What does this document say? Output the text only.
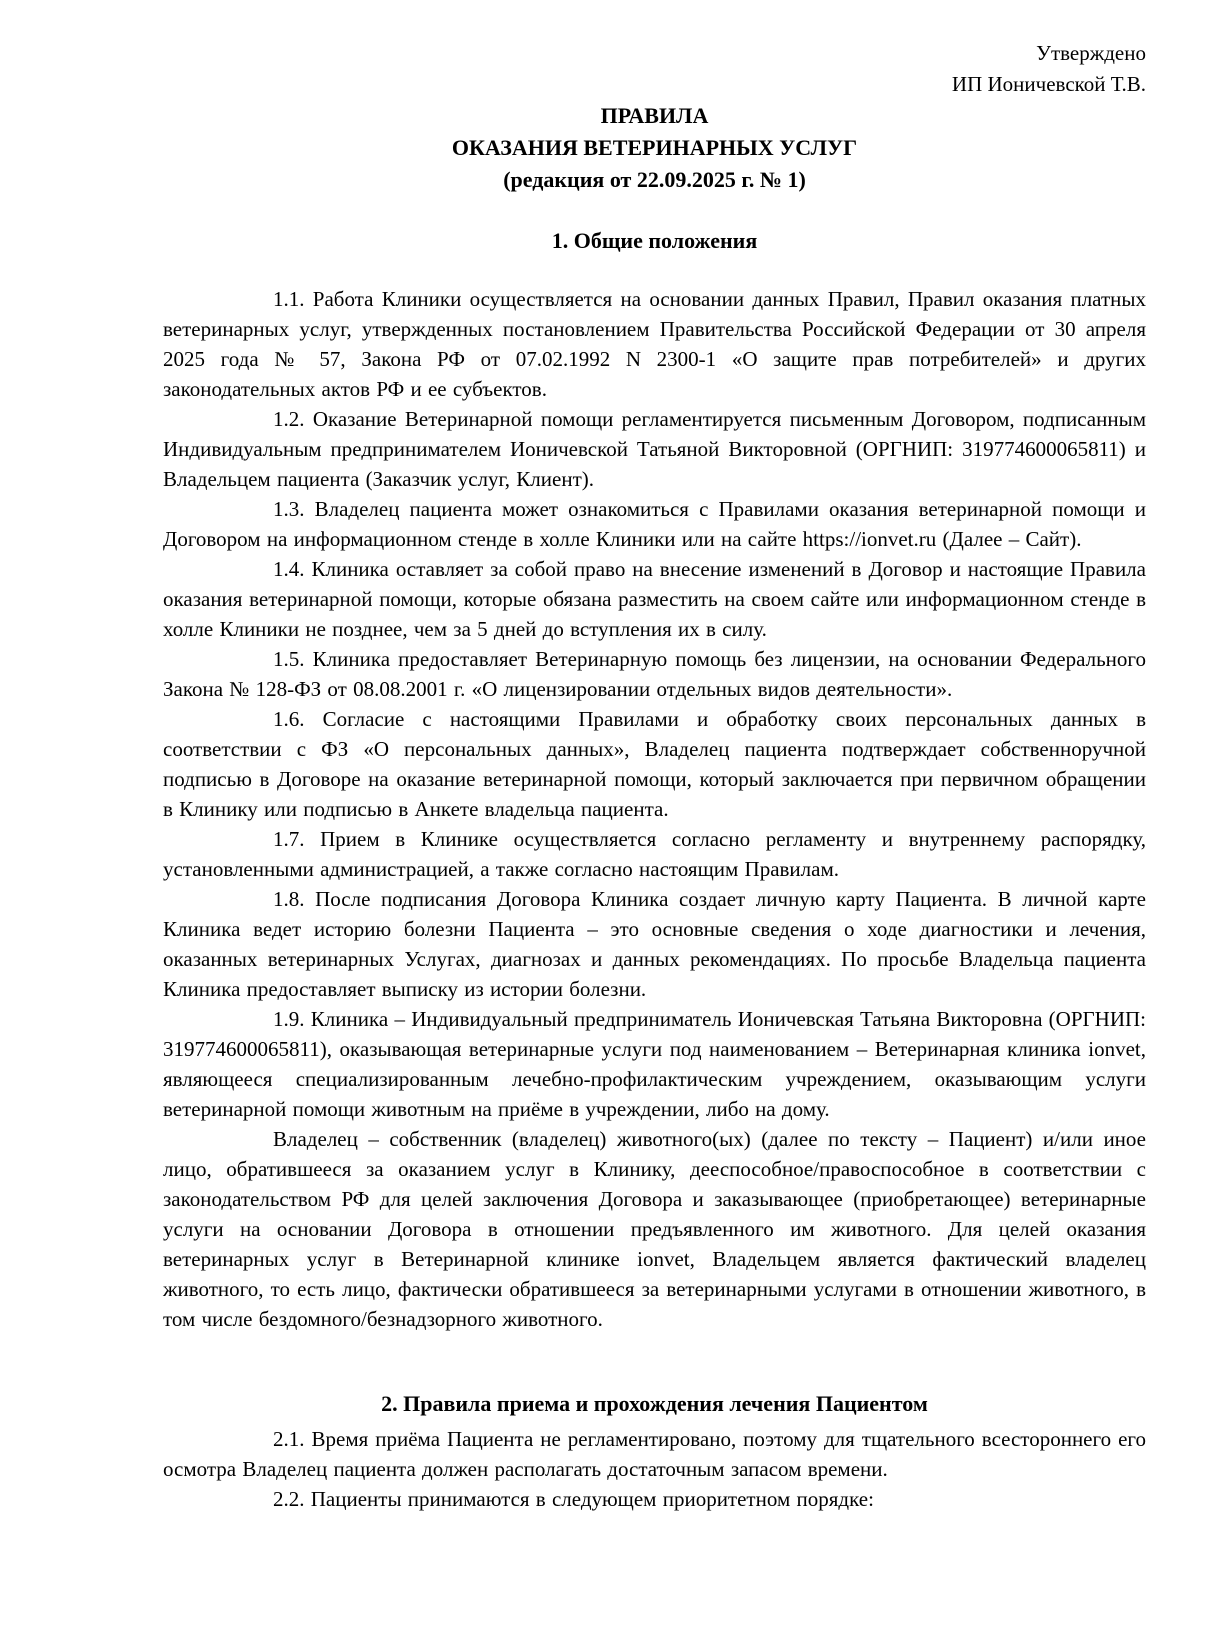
Утверждено
ИП Ионичевской Т.В.
ПРАВИЛА
ОКАЗАНИЯ ВЕТЕРИНАРНЫХ УСЛУГ
(редакция от 22.09.2025 г. № 1)
1. Общие положения

1.1. Работа Клиники осуществляется на основании данных Правил, Правил оказания платных ветеринарных услуг, утвержденных постановлением Правительства Российской Федерации от 30 апреля 2025 года № 57, Закона РФ от 07.02.1992 N 2300-1 «О защите прав потребителей» и других законодательных актов РФ и ее субъектов.

1.2. Оказание Ветеринарной помощи регламентируется письменным Договором, подписанным Индивидуальным предпринимателем Ионичевской Татьяной Викторовной (ОРГНИП: 319774600065811) и Владельцем пациента (Заказчик услуг, Клиент).

1.3. Владелец пациента может ознакомиться с Правилами оказания ветеринарной помощи и Договором на информационном стенде в холле Клиники или на сайте https://ionvet.ru (Далее – Сайт).

1.4. Клиника оставляет за собой право на внесение изменений в Договор и настоящие Правила оказания ветеринарной помощи, которые обязана разместить на своем сайте или информационном стенде в холле Клиники не позднее, чем за 5 дней до вступления их в силу.

1.5. Клиника предоставляет Ветеринарную помощь без лицензии, на основании Федерального Закона № 128-ФЗ от 08.08.2001 г. «О лицензировании отдельных видов деятельности».

1.6. Согласие с настоящими Правилами и обработку своих персональных данных в соответствии с ФЗ «О персональных данных», Владелец пациента подтверждает собственноручной подписью в Договоре на оказание ветеринарной помощи, который заключается при первичном обращении в Клинику или подписью в Анкете владельца пациента.

1.7. Прием в Клинике осуществляется согласно регламенту и внутреннему распорядку, установленными администрацией, а также согласно настоящим Правилам.

1.8. После подписания Договора Клиника создает личную карту Пациента. В личной карте Клиника ведет историю болезни Пациента – это основные сведения о ходе диагностики и лечения, оказанных ветеринарных Услугах, диагнозах и данных рекомендациях. По просьбе Владельца пациента Клиника предоставляет выписку из истории болезни.

1.9. Клиника – Индивидуальный предприниматель Ионичевская Татьяна Викторовна (ОРГНИП: 319774600065811), оказывающая ветеринарные услуги под наименованием – Ветеринарная клиника ionvet, являющееся специализированным лечебно-профилактическим учреждением, оказывающим услуги ветеринарной помощи животным на приёме в учреждении, либо на дому.

Владелец – собственник (владелец) животного(ых) (далее по тексту – Пациент) и/или иное лицо, обратившееся за оказанием услуг в Клинику, дееспособное/правоспособное в соответствии с законодательством РФ для целей заключения Договора и заказывающее (приобретающее) ветеринарные услуги на основании Договора в отношении предъявленного им животного. Для целей оказания ветеринарных услуг в Ветеринарной клинике ionvet, Владельцем является фактический владелец животного, то есть лицо, фактически обратившееся за ветеринарными услугами в отношении животного, в том числе бездомного/безнадзорного животного.

2. Правила приема и прохождения лечения Пациентом

2.1. Время приёма Пациента не регламентировано, поэтому для тщательного всестороннего его осмотра Владелец пациента должен располагать достаточным запасом времени.

2.2. Пациенты принимаются в следующем приоритетном порядке:
